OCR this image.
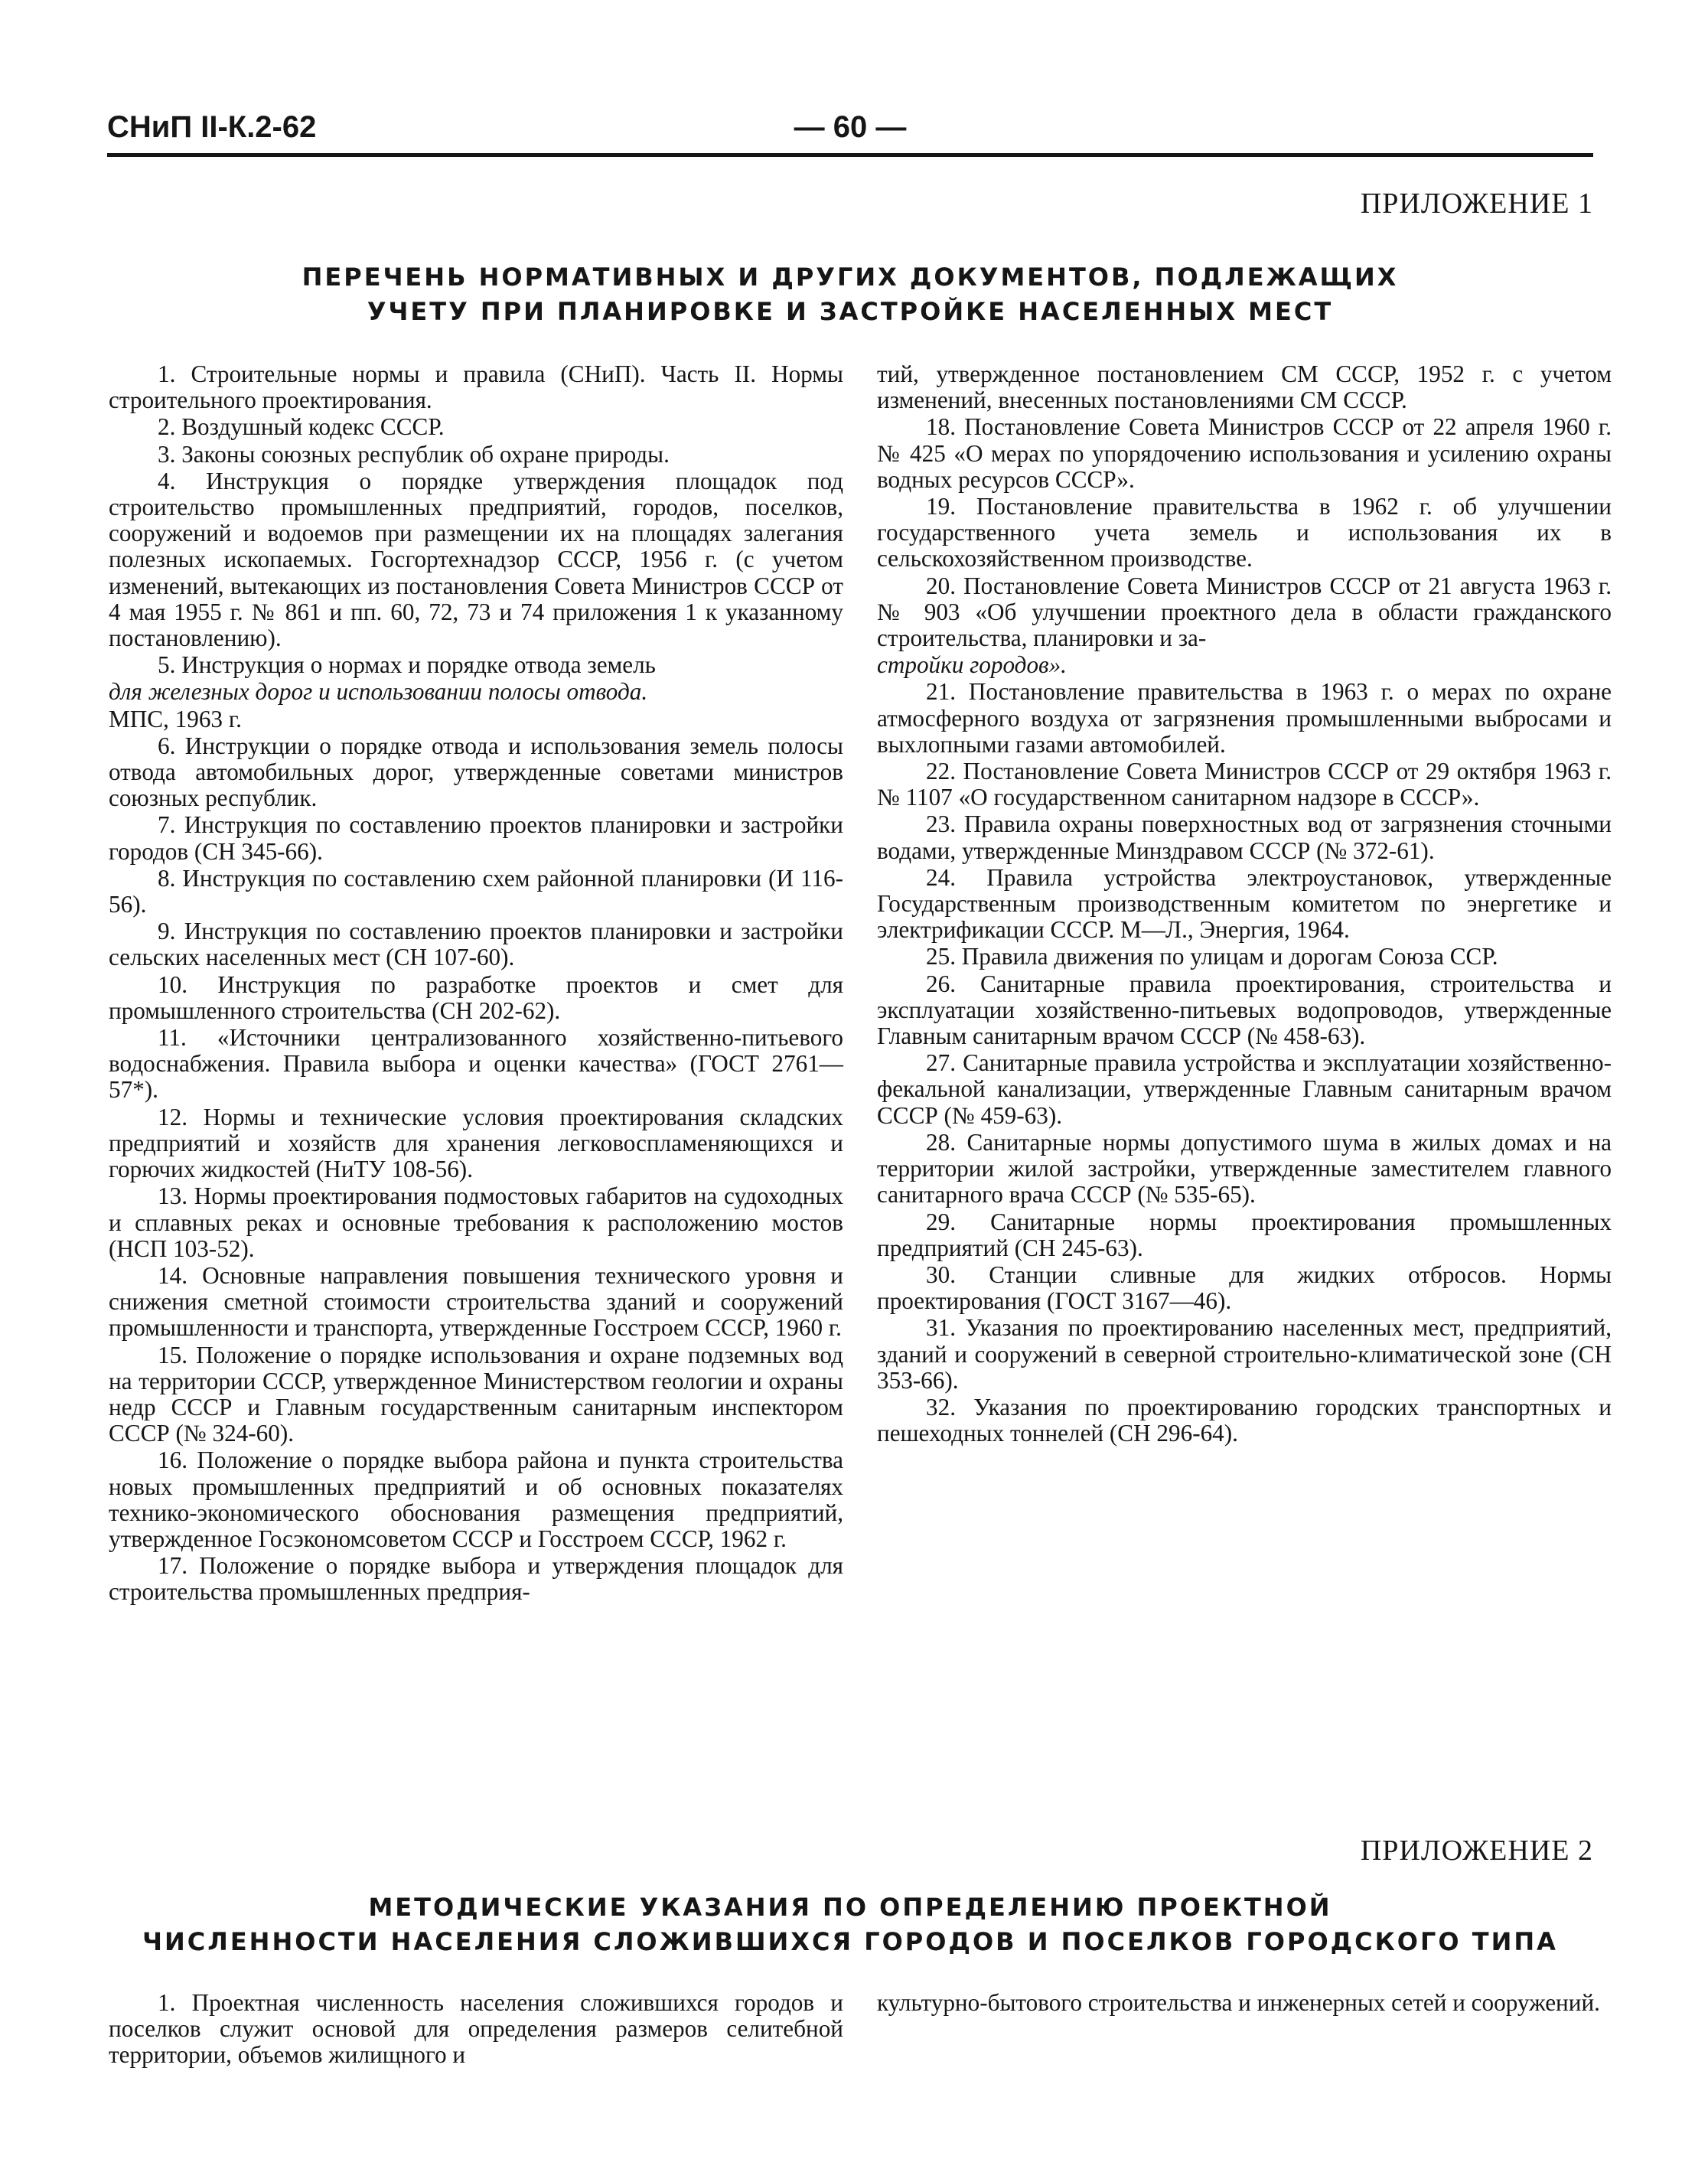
СНиП II-К.2-62	— 60 —
ПРИЛОЖЕНИЕ 1
ПЕРЕЧЕНЬ НОРМАТИВНЫХ И ДРУГИХ ДОКУМЕНТОВ, ПОДЛЕЖАЩИХ
УЧЕТУ ПРИ ПЛАНИРОВКЕ И ЗАСТРОЙКЕ НАСЕЛЕННЫХ МЕСТ

1. Строительные нормы и правила (СНиП). Часть II. Нормы строительного проектирования.

2. Воздушный кодекс СССР.

3. Законы союзных республик об охране природы.

4. Инструкция о порядке утверждения площадок под строительство промышленных предприятий, городов, поселков, сооружений и водоемов при размещении их на площадях залегания полезных ископаемых. Госгортехнадзор СССР, 1956 г. (с учетом изменений, вытекающих из постановления Совета Министров СССР от 4 мая 1955 г. № 861 и пп. 60, 72, 73 и 74 приложения 1 к указанному постановлению).

5. Инструкция о нормах и порядке отвода земель

для железных дорог и использовании полосы отвода.

МПС, 1963 г.

6. Инструкции о порядке отвода и использования земель полосы отвода автомобильных дорог, утвержденные советами министров союзных республик.

7. Инструкция по составлению проектов планировки и застройки городов (СН 345-66).

8. Инструкция по составлению схем районной планировки (И 116-56).

9. Инструкция по составлению проектов планировки и застройки сельских населенных мест (СН 107-60).

10. Инструкция по разработке проектов и смет для промышленного строительства (СН 202-62).

11. «Источники централизованного хозяйственно-питьевого водоснабжения. Правила выбора и оценки качества» (ГОСТ 2761—57*).

12. Нормы и технические условия проектирования складских предприятий и хозяйств для хранения легковоспламеняющихся и горючих жидкостей (НиТУ 108-56).

13. Нормы проектирования подмостовых габаритов на судоходных и сплавных реках и основные требования к расположению мостов (НСП 103-52).

14. Основные направления повышения технического уровня и снижения сметной стоимости строительства зданий и сооружений промышленности и транспорта, утвержденные Госстроем СССР, 1960 г.

15. Положение о порядке использования и охране подземных вод на территории СССР, утвержденное Министерством геологии и охраны недр СССР и Главным государственным санитарным инспектором СССР (№ 324-60).

16. Положение о порядке выбора района и пункта строительства новых промышленных предприятий и об основных показателях технико-экономического обоснования размещения предприятий, утвержденное Госэкономсоветом СССР и Госстроем СССР, 1962 г.

17. Положение о порядке выбора и утверждения площадок для строительства промышленных предприя-

тий, утвержденное постановлением СМ СССР, 1952 г. с учетом изменений, внесенных постановлениями СМ СССР.

18. Постановление Совета Министров СССР от 22 апреля 1960 г. № 425 «О мерах по упорядочению использования и усилению охраны водных ресурсов СССР».

19. Постановление правительства в 1962 г. об улучшении государственного учета земель и использования их в сельскохозяйственном производстве.

20. Постановление Совета Министров СССР от 21 августа 1963 г. № 903 «Об улучшении проектного дела в области гражданского строительства, планировки и за-

стройки городов».

21. Постановление правительства в 1963 г. о мерах по охране атмосферного воздуха от загрязнения промышленными выбросами и выхлопными газами автомобилей.

22. Постановление Совета Министров СССР от 29 октября 1963 г. № 1107 «О государственном санитарном надзоре в СССР».

23. Правила охраны поверхностных вод от загрязнения сточными водами, утвержденные Минздравом СССР (№ 372-61).

24. Правила устройства электроустановок, утвержденные Государственным производственным комитетом по энергетике и электрификации СССР. М—Л., Энергия, 1964.

25. Правила движения по улицам и дорогам Союза ССР.

26. Санитарные правила проектирования, строительства и эксплуатации хозяйственно-питьевых водопроводов, утвержденные Главным санитарным врачом СССР (№ 458-63).

27. Санитарные правила устройства и эксплуатации хозяйственно-фекальной канализации, утвержденные Главным санитарным врачом СССР (№ 459-63).

28. Санитарные нормы допустимого шума в жилых домах и на территории жилой застройки, утвержденные заместителем главного санитарного врача СССР (№ 535-65).

29. Санитарные нормы проектирования промышленных предприятий (СН 245-63).

30. Станции сливные для жидких отбросов. Нормы проектирования (ГОСТ 3167—46).

31. Указания по проектированию населенных мест, предприятий, зданий и сооружений в северной строительно-климатической зоне (СН 353-66).

32. Указания по проектированию городских транспортных и пешеходных тоннелей (СН 296-64).

ПРИЛОЖЕНИЕ 2
МЕТОДИЧЕСКИЕ УКАЗАНИЯ ПО ОПРЕДЕЛЕНИЮ ПРОЕКТНОЙ
ЧИСЛЕННОСТИ НАСЕЛЕНИЯ СЛОЖИВШИХСЯ ГОРОДОВ И ПОСЕЛКОВ ГОРОДСКОГО ТИПА

1. Проектная численность населения сложившихся городов и поселков служит основой для определения размеров селитебной территории, объемов жилищного и

культурно-бытового строительства и инженерных сетей и сооружений.
